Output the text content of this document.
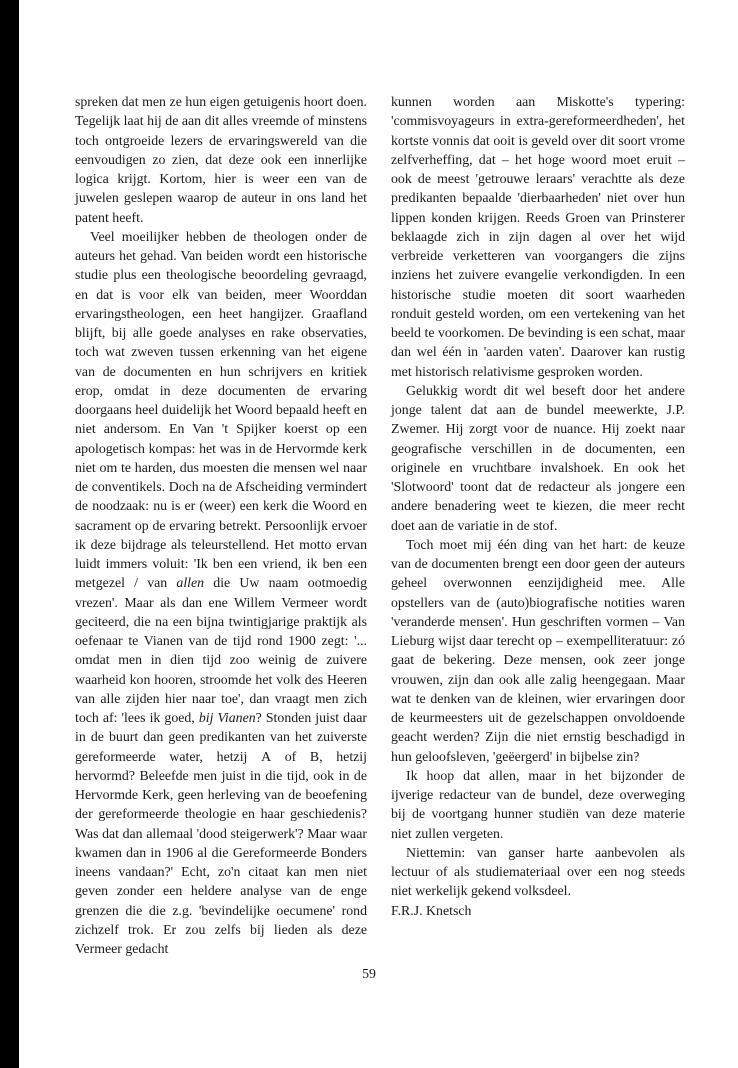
spreken dat men ze hun eigen getuigenis hoort doen. Tegelijk laat hij de aan dit alles vreemde of minstens toch ontgroeide lezers de ervaringswereld van die eenvoudigen zo zien, dat deze ook een innerlijke logica krijgt. Kortom, hier is weer een van de juwelen geslepen waarop de auteur in ons land het patent heeft.

Veel moeilijker hebben de theologen onder de auteurs het gehad. Van beiden wordt een historische studie plus een theologische beoordeling gevraagd, en dat is voor elk van beiden, meer Woorddan ervaringstheologen, een heet hangijzer. Graafland blijft, bij alle goede analyses en rake observaties, toch wat zweven tussen erkenning van het eigene van de documenten en hun schrijvers en kritiek erop, omdat in deze documenten de ervaring doorgaans heel duidelijk het Woord bepaald heeft en niet andersom. En Van 't Spijker koerst op een apologetisch kompas: het was in de Hervormde kerk niet om te harden, dus moesten die mensen wel naar de conventikels. Doch na de Afscheiding vermindert de noodzaak: nu is er (weer) een kerk die Woord en sacrament op de ervaring betrekt. Persoonlijk ervoer ik deze bijdrage als teleurstellend. Het motto ervan luidt immers voluit: 'Ik ben een vriend, ik ben een metgezel / van allen die Uw naam ootmoedig vrezen'. Maar als dan ene Willem Vermeer wordt geciteerd, die na een bijna twintigjarige praktijk als oefenaar te Vianen van de tijd rond 1900 zegt: '... omdat men in dien tijd zoo weinig de zuivere waarheid kon hooren, stroomde het volk des Heeren van alle zijden hier naar toe', dan vraagt men zich toch af: 'lees ik goed, bij Vianen? Stonden juist daar in de buurt dan geen predikanten van het zuiverste gereformeerde water, hetzij A of B, hetzij hervormd? Beleefde men juist in die tijd, ook in de Hervormde Kerk, geen herleving van de beoefening der gereformeerde theologie en haar geschiedenis? Was dat dan allemaal 'dood steigerwerk'? Maar waar kwamen dan in 1906 al die Gereformeerde Bonders ineens vandaan?' Echt, zo'n citaat kan men niet geven zonder een heldere analyse van de enge grenzen die die z.g. 'bevindelijke oecumene' rond zichzelf trok. Er zou zelfs bij lieden als deze Vermeer gedacht

kunnen worden aan Miskotte's typering: 'commisvoyageurs in extra-gereformeerdheden', het kortste vonnis dat ooit is geveld over dit soort vrome zelfverheffing, dat – het hoge woord moet eruit – ook de meest 'getrouwe leraars' verachtte als deze predikanten bepaalde 'dierbaarheden' niet over hun lippen konden krijgen. Reeds Groen van Prinsterer beklaagde zich in zijn dagen al over het wijd verbreide verketteren van voorgangers die zijns inziens het zuivere evangelie verkondigden. In een historische studie moeten dit soort waarheden ronduit gesteld worden, om een vertekening van het beeld te voorkomen. De bevinding is een schat, maar dan wel één in 'aarden vaten'. Daarover kan rustig met historisch relativisme gesproken worden.

Gelukkig wordt dit wel beseft door het andere jonge talent dat aan de bundel meewerkte, J.P. Zwemer. Hij zorgt voor de nuance. Hij zoekt naar geografische verschillen in de documenten, een originele en vruchtbare invalshoek. En ook het 'Slotwoord' toont dat de redacteur als jongere een andere benadering weet te kiezen, die meer recht doet aan de variatie in de stof.

Toch moet mij één ding van het hart: de keuze van de documenten brengt een door geen der auteurs geheel overwonnen eenzijdigheid mee. Alle opstellers van de (auto)biografische notities waren 'veranderde mensen'. Hun geschriften vormen – Van Lieburg wijst daar terecht op – exempelliteratuur: zó gaat de bekering. Deze mensen, ook zeer jonge vrouwen, zijn dan ook alle zalig heengegaan. Maar wat te denken van de kleinen, wier ervaringen door de keurmeesters uit de gezelschappen onvoldoende geacht werden? Zijn die niet ernstig beschadigd in hun geloofsleven, 'geëergerd' in bijbelse zin?

Ik hoop dat allen, maar in het bijzonder de ijverige redacteur van de bundel, deze overweging bij de voortgang hunner studiën van deze materie niet zullen vergeten.

Niettemin: van ganser harte aanbevolen als lectuur of als studiemateriaal over een nog steeds niet werkelijk gekend volksdeel.

F.R.J. Knetsch

59
